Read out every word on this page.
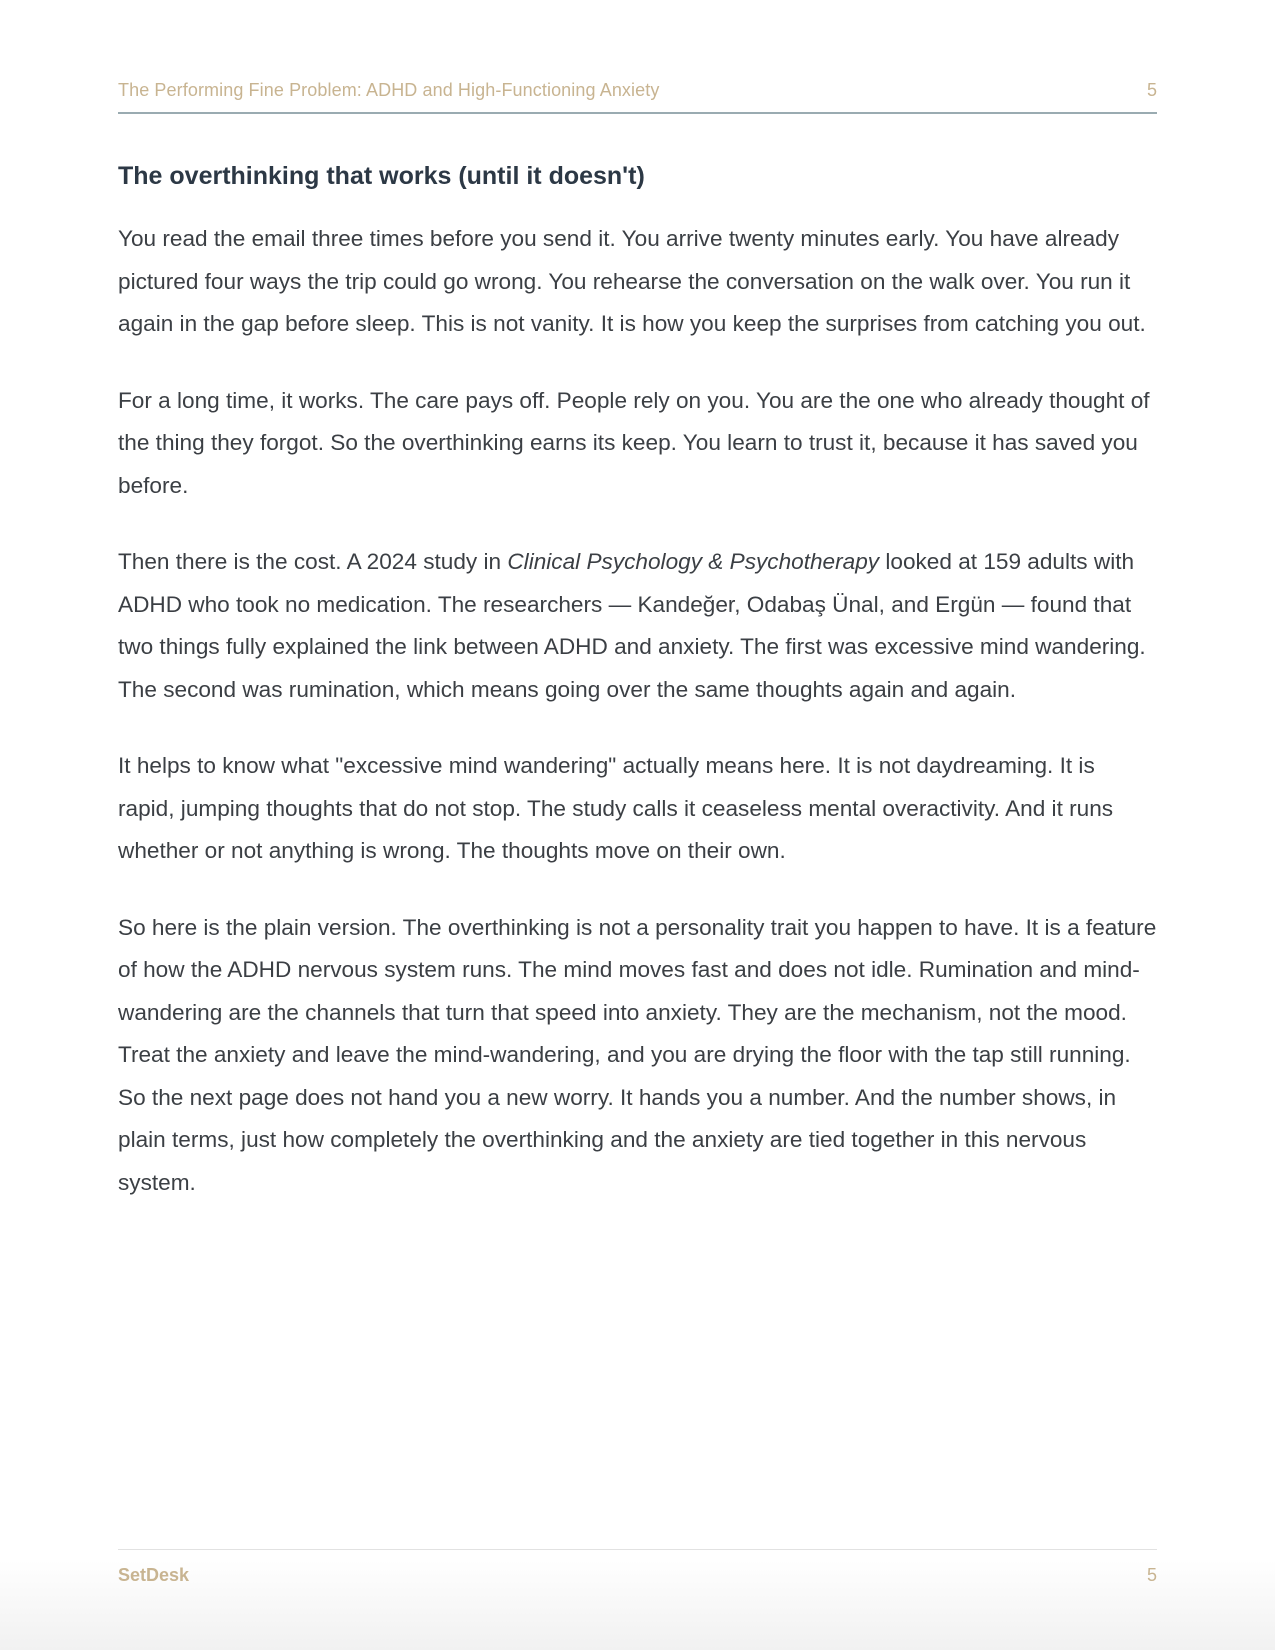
The Performing Fine Problem: ADHD and High-Functioning Anxiety	5
The overthinking that works (until it doesn't)

You read the email three times before you send it. You arrive twenty minutes early. You have already pictured four ways the trip could go wrong. You rehearse the conversation on the walk over. You run it again in the gap before sleep. This is not vanity. It is how you keep the surprises from catching you out.

For a long time, it works. The care pays off. People rely on you. You are the one who already thought of the thing they forgot. So the overthinking earns its keep. You learn to trust it, because it has saved you before.

Then there is the cost. A 2024 study in Clinical Psychology & Psychotherapy looked at 159 adults with ADHD who took no medication. The researchers — Kandeğer, Odabaş Ünal, and Ergün — found that two things fully explained the link between ADHD and anxiety. The first was excessive mind wandering. The second was rumination, which means going over the same thoughts again and again.

It helps to know what "excessive mind wandering" actually means here. It is not daydreaming. It is rapid, jumping thoughts that do not stop. The study calls it ceaseless mental overactivity. And it runs whether or not anything is wrong. The thoughts move on their own.

So here is the plain version. The overthinking is not a personality trait you happen to have. It is a feature of how the ADHD nervous system runs. The mind moves fast and does not idle. Rumination and mind-wandering are the channels that turn that speed into anxiety. They are the mechanism, not the mood. Treat the anxiety and leave the mind-wandering, and you are drying the floor with the tap still running.

So the next page does not hand you a new worry. It hands you a number. And the number shows, in plain terms, just how completely the overthinking and the anxiety are tied together in this nervous system.

SetDesk	5
